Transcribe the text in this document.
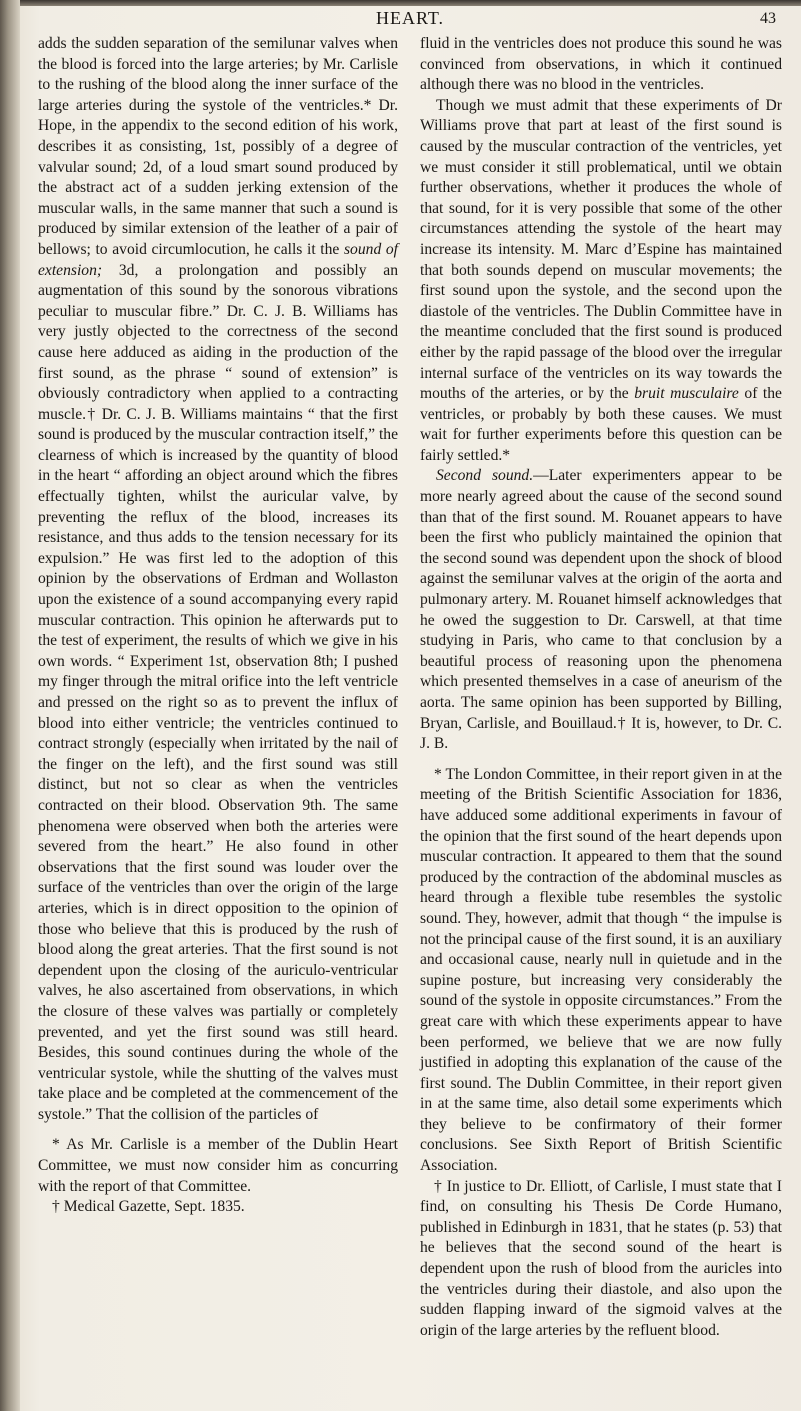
HEART.	43

adds the sudden separation of the semilunar valves when the blood is forced into the large arteries; by Mr. Carlisle to the rushing of the blood along the inner surface of the large arteries during the systole of the ventricles.* Dr. Hope, in the appendix to the second edition of his work, describes it as consisting, 1st, possibly of a degree of valvular sound; 2d, of a loud smart sound produced by the abstract act of a sudden jerking extension of the muscular walls, in the same manner that such a sound is produced by similar extension of the leather of a pair of bellows; to avoid circumlocution, he calls it the sound of extension; 3d, a prolongation and possibly an augmentation of this sound by the sonorous vibrations peculiar to muscular fibre.” Dr. C. J. B. Williams has very justly objected to the correctness of the second cause here adduced as aiding in the production of the first sound, as the phrase “ sound of extension” is obviously contradictory when applied to a contracting muscle.† Dr. C. J. B. Williams maintains “ that the first sound is produced by the muscular contraction itself,” the clearness of which is increased by the quantity of blood in the heart “ affording an object around which the fibres effectually tighten, whilst the auricular valve, by preventing the reflux of the blood, increases its resistance, and thus adds to the tension necessary for its expulsion.” He was first led to the adoption of this opinion by the observations of Erdman and Wollaston upon the existence of a sound accompanying every rapid muscular contraction. This opinion he afterwards put to the test of experiment, the results of which we give in his own words. “ Experiment 1st, observation 8th; I pushed my finger through the mitral orifice into the left ventricle and pressed on the right so as to prevent the influx of blood into either ventricle; the ventricles continued to contract strongly (especially when irritated by the nail of the finger on the left), and the first sound was still distinct, but not so clear as when the ventricles contracted on their blood. Observation 9th. The same phenomena were observed when both the arteries were severed from the heart.” He also found in other observations that the first sound was louder over the surface of the ventricles than over the origin of the large arteries, which is in direct opposition to the opinion of those who believe that this is produced by the rush of blood along the great arteries. That the first sound is not dependent upon the closing of the auriculo-ventricular valves, he also ascertained from observations, in which the closure of these valves was partially or completely prevented, and yet the first sound was still heard. Besides, this sound continues during the whole of the ventricular systole, while the shutting of the valves must take place and be completed at the commencement of the systole.” That the collision of the particles of

* As Mr. Carlisle is a member of the Dublin Heart Committee, we must now consider him as concurring with the report of that Committee.

† Medical Gazette, Sept. 1835.

fluid in the ventricles does not produce this sound he was convinced from observations, in which it continued although there was no blood in the ventricles.

Though we must admit that these experiments of Dr Williams prove that part at least of the first sound is caused by the muscular contraction of the ventricles, yet we must consider it still problematical, until we obtain further observations, whether it produces the whole of that sound, for it is very possible that some of the other circumstances attending the systole of the heart may increase its intensity. M. Marc d’Espine has maintained that both sounds depend on muscular movements; the first sound upon the systole, and the second upon the diastole of the ventricles. The Dublin Committee have in the meantime concluded that the first sound is produced either by the rapid passage of the blood over the irregular internal surface of the ventricles on its way towards the mouths of the arteries, or by the bruit musculaire of the ventricles, or probably by both these causes. We must wait for further experiments before this question can be fairly settled.*

Second sound.—Later experimenters appear to be more nearly agreed about the cause of the second sound than that of the first sound. M. Rouanet appears to have been the first who publicly maintained the opinion that the second sound was dependent upon the shock of blood against the semilunar valves at the origin of the aorta and pulmonary artery. M. Rouanet himself acknowledges that he owed the suggestion to Dr. Carswell, at that time studying in Paris, who came to that conclusion by a beautiful process of reasoning upon the phenomena which presented themselves in a case of aneurism of the aorta. The same opinion has been supported by Billing, Bryan, Carlisle, and Bouillaud.† It is, however, to Dr. C. J. B.

* The London Committee, in their report given in at the meeting of the British Scientific Association for 1836, have adduced some additional experiments in favour of the opinion that the first sound of the heart depends upon muscular contraction. It appeared to them that the sound produced by the contraction of the abdominal muscles as heard through a flexible tube resembles the systolic sound. They, however, admit that though “ the impulse is not the principal cause of the first sound, it is an auxiliary and occasional cause, nearly null in quietude and in the supine posture, but increasing very considerably the sound of the systole in opposite circumstances.” From the great care with which these experiments appear to have been performed, we believe that we are now fully justified in adopting this explanation of the cause of the first sound. The Dublin Committee, in their report given in at the same time, also detail some experiments which they believe to be confirmatory of their former conclusions. See Sixth Report of British Scientific Association.

† In justice to Dr. Elliott, of Carlisle, I must state that I find, on consulting his Thesis De Corde Humano, published in Edinburgh in 1831, that he states (p. 53) that he believes that the second sound of the heart is dependent upon the rush of blood from the auricles into the ventricles during their diastole, and also upon the sudden flapping inward of the sigmoid valves at the origin of the large arteries by the refluent blood.
